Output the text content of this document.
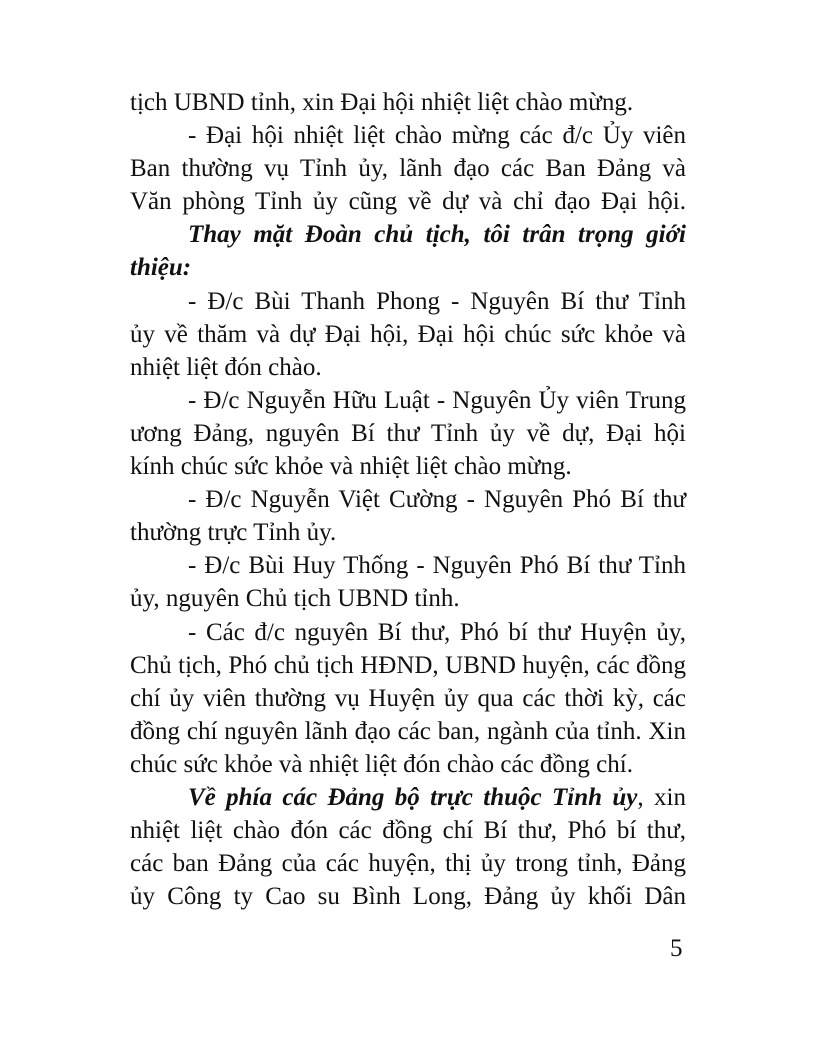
tịch UBND tỉnh, xin Đại hội nhiệt liệt chào mừng.
- Đại hội nhiệt liệt chào mừng các đ/c Ủy viên
Ban thường vụ Tỉnh ủy, lãnh đạo các Ban Đảng và
Văn phòng Tỉnh ủy cũng về dự và chỉ đạo Đại hội.
Thay mặt Đoàn chủ tịch, tôi trân trọng giới
thiệu:
- Đ/c Bùi Thanh Phong - Nguyên Bí thư Tỉnh
ủy về thăm và dự Đại hội, Đại hội chúc sức khỏe và
nhiệt liệt đón chào.
- Đ/c Nguyễn Hữu Luật - Nguyên Ủy viên Trung
ương Đảng, nguyên Bí thư Tỉnh ủy về dự, Đại hội
kính chúc sức khỏe và nhiệt liệt chào mừng.
- Đ/c Nguyễn Việt Cường - Nguyên Phó Bí thư
thường trực Tỉnh ủy.
- Đ/c Bùi Huy Thống - Nguyên Phó Bí thư Tỉnh
ủy, nguyên Chủ tịch UBND tỉnh.
- Các đ/c nguyên Bí thư, Phó bí thư Huyện ủy,
Chủ tịch, Phó chủ tịch HĐND, UBND huyện, các đồng
chí ủy viên thường vụ Huyện ủy qua các thời kỳ, các
đồng chí nguyên lãnh đạo các ban, ngành của tỉnh. Xin
chúc sức khỏe và nhiệt liệt đón chào các đồng chí.
Về phía các Đảng bộ trực thuộc Tỉnh ủy, xin
nhiệt liệt chào đón các đồng chí Bí thư, Phó bí thư,
các ban Đảng của các huyện, thị ủy trong tỉnh, Đảng
ủy Công ty Cao su Bình Long, Đảng ủy khối Dân
5
